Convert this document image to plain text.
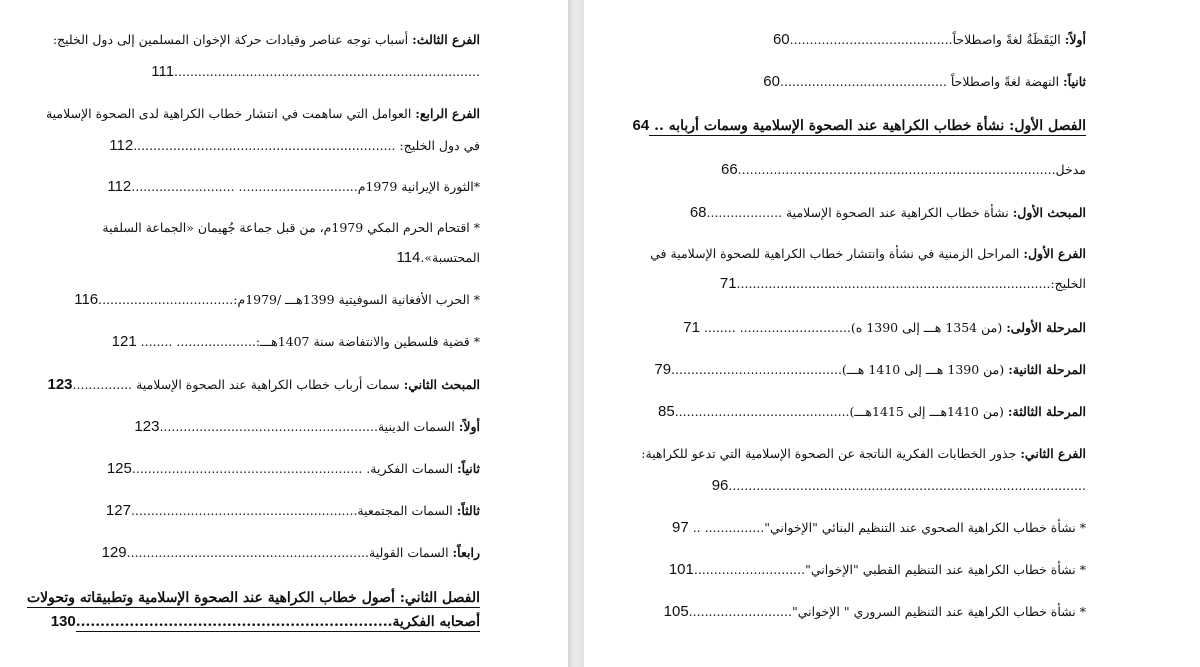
أولاً: اليَقَظَةُ لغةً واصطلاحاً.........................................60
ثانياً: النهضة لغةً واصطلاحاً ..........................................60
الفصل الأول: نشأة خطاب الكراهية عند الصحوة الإسلامية وسمات أربابه .. 64
مدخل................................................................................66
المبحث الأول: نشأة خطاب الكراهية عند الصحوة الإسلامية ...................68
الفرع الأول: المراحل الزمنية في نشأة وانتشار خطاب الكراهية للصحوة الإسلامية في
الخليج:...............................................................................71
المرحلة الأولى: (من 1354 هـــ إلى 1390 ه)............................ ........ 71
المرحلة الثانية: (من 1390 هـــ إلى 1410 هـــ)...........................................79
المرحلة الثالثة: (من 1410هـــ إلى 1415هـــ)............................................85
الفرع الثاني: جذور الخطابات الفكرية الناتجة عن الصحوة الإسلامية التي تدعو للكراهية:
..........................................................................................96
* نشأة خطاب الكراهية الصحوي عند التنظيم البنائي "الإخواني"............... .. 97
* نشأة خطاب الكراهية عند التنظيم القطبي "الإخواني"............................101
* نشأة خطاب الكراهية عند التنظيم السروري " الإخواني"..........................105
الفرع الثالث: أسباب توجه عناصر وقيادات حركة الإخوان المسلمين إلى دول الخليج:
.............................................................................111
الفرع الرابع: العوامل التي ساهمت في انتشار خطاب الكراهية لدى الصحوة الإسلامية
في دول الخليج: ..................................................................112
*الثورة الإيرانية 1979م.............................. ..........................112
* اقتحام الحرم المكي 1979م، من قبل جماعة جُهيمان «الجماعة السلفية
المحتسبة».114
* الحرب الأفغانية السوفيتية 1399هـــ /1979م:..................................116
* قضية فلسطين والانتفاضة سنة 1407هـــ:.................... ........ 121
المبحث الثاني: سمات أرباب خطاب الكراهية عند الصحوة الإسلامية ...............123
أولاً: السمات الدينية.......................................................123
ثانياً: السمات الفكرية. ..........................................................125
ثالثاً: السمات المجتمعية.........................................................127
رابعاً: السمات القولية.............................................................129
الفصل الثاني: أصول خطاب الكراهية عند الصحوة الإسلامية وتطبيقاته وتحولات
أصحابه الفكرية.................................................................130
